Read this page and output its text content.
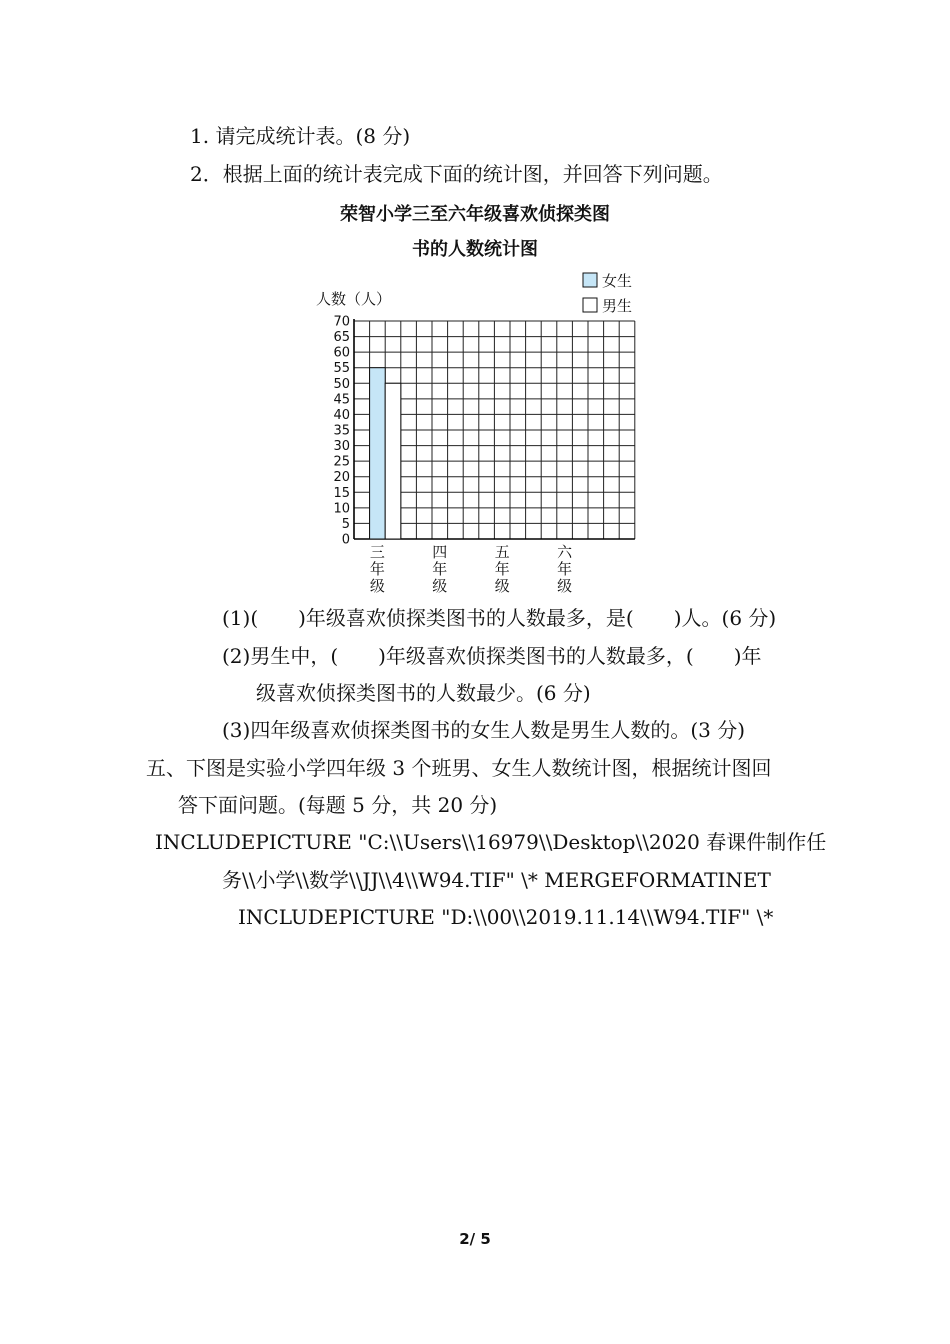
1. 请完成统计表。(8 分)
2．根据上面的统计表完成下面的统计图，并回答下列问题。
荣智小学三至六年级喜欢侦探类图
书的人数统计图
0
5
10
15
20
25
30
35
40
45
50
55
60
65
70
人数（人）
三
年
级
四
年
级
五
年
级
六
年
级
女生
男生
(1)(　　)年级喜欢侦探类图书的人数最多，是(　　)人。(6 分)
(2)男生中，(　　)年级喜欢侦探类图书的人数最多，(　　)年
级喜欢侦探类图书的人数最少。(6 分)
(3)四年级喜欢侦探类图书的女生人数是男生人数的。(3 分)
五、下图是实验小学四年级 3 个班男、女生人数统计图，根据统计图回
答下面问题。(每题 5 分，共 20 分)
INCLUDEPICTURE "C:\\Users\\16979\\Desktop\\2020 春课件制作任
务\\小学\\数学\\JJ\\4\\W94.TIF" \* MERGEFORMATINET
INCLUDEPICTURE "D:\\00\\2019.11.14\\W94.TIF" \*
2/ 5
